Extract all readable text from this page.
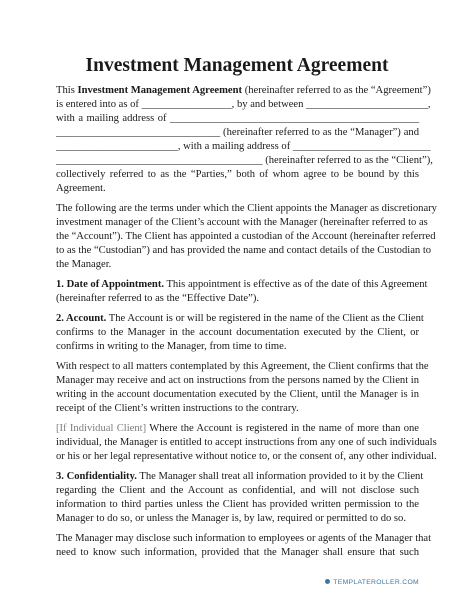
Investment Management Agreement
This Investment Management Agreement (hereinafter referred to as the “Agreement”)
is entered into as of _________________, by and between _______________________,
with a mailing address of _______________________________________________
_______________________________ (hereinafter referred to as the “Manager”) and
_______________________, with a mailing address of __________________________
_______________________________________ (hereinafter referred to as the “Client”),
collectively referred to as the “Parties,” both of whom agree to be bound by this
Agreement.
The following are the terms under which the Client appoints the Manager as discretionary
investment manager of the Client’s account with the Manager (hereinafter referred to as
the “Account”). The Client has appointed a custodian of the Account (hereinafter referred
to as the “Custodian”) and has provided the name and contact details of the Custodian to
the Manager.
1. Date of Appointment. This appointment is effective as of the date of this Agreement
(hereinafter referred to as the “Effective Date”).
2. Account. The Account is or will be registered in the name of the Client as the Client
confirms to the Manager in the account documentation executed by the Client, or
confirms in writing to the Manager, from time to time.
With respect to all matters contemplated by this Agreement, the Client confirms that the
Manager may receive and act on instructions from the persons named by the Client in
writing in the account documentation executed by the Client, until the Manager is in
receipt of the Client’s written instructions to the contrary.
[If Individual Client] Where the Account is registered in the name of more than one
individual, the Manager is entitled to accept instructions from any one of such individuals
or his or her legal representative without notice to, or the consent of, any other individual.
3. Confidentiality. The Manager shall treat all information provided to it by the Client
regarding the Client and the Account as confidential, and will not disclose such
information to third parties unless the Client has provided written permission to the
Manager to do so, or unless the Manager is, by law, required or permitted to do so.
The Manager may disclose such information to employees or agents of the Manager that
need to know such information, provided that the Manager shall ensure that such
TEMPLATEROLLER.COM
